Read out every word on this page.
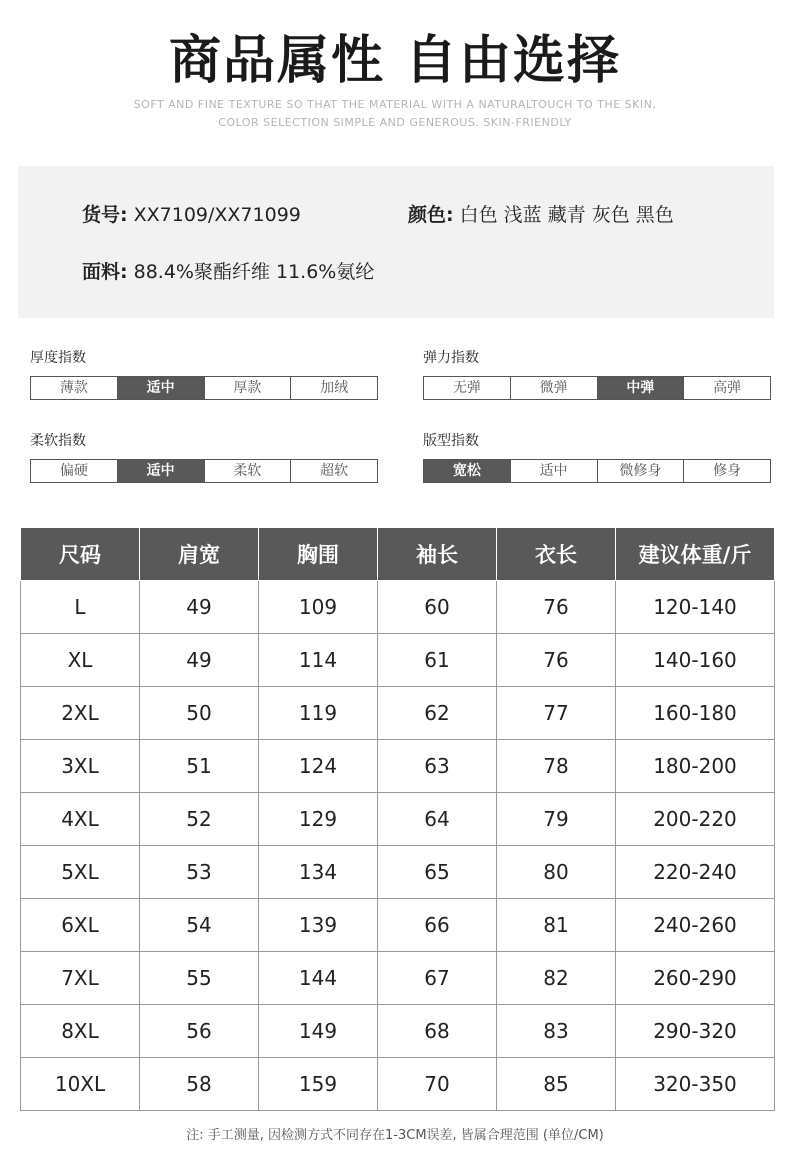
商品属性 自由选择
SOFT AND FINE TEXTURE SO THAT THE MATERIAL WITH A NATURALTOUCH TO THE SKIN,
COLOR SELECTION SIMPLE AND GENEROUS. SKIN-FRIENDLY
货号: XX7109/XX71099	颜色: 白色 浅蓝 藏青 灰色 黑色
面料: 88.4%聚酯纤维 11.6%氨纶
厚度指数
薄款	适中	厚款	加绒
弹力指数
无弹	微弹	中弹	高弹
柔软指数
偏硬	适中	柔软	超软
版型指数
宽松	适中	微修身	修身
尺码	肩宽	胸围	袖长	衣长	建议体重/斤
L	49	109	60	76	120-140
XL	49	114	61	76	140-160
2XL	50	119	62	77	160-180
3XL	51	124	63	78	180-200
4XL	52	129	64	79	200-220
5XL	53	134	65	80	220-240
6XL	54	139	66	81	240-260
7XL	55	144	67	82	260-290
8XL	56	149	68	83	290-320
10XL	58	159	70	85	320-350
注: 手工测量, 因检测方式不同存在1-3CM误差, 皆属合理范围 (单位/CM)
